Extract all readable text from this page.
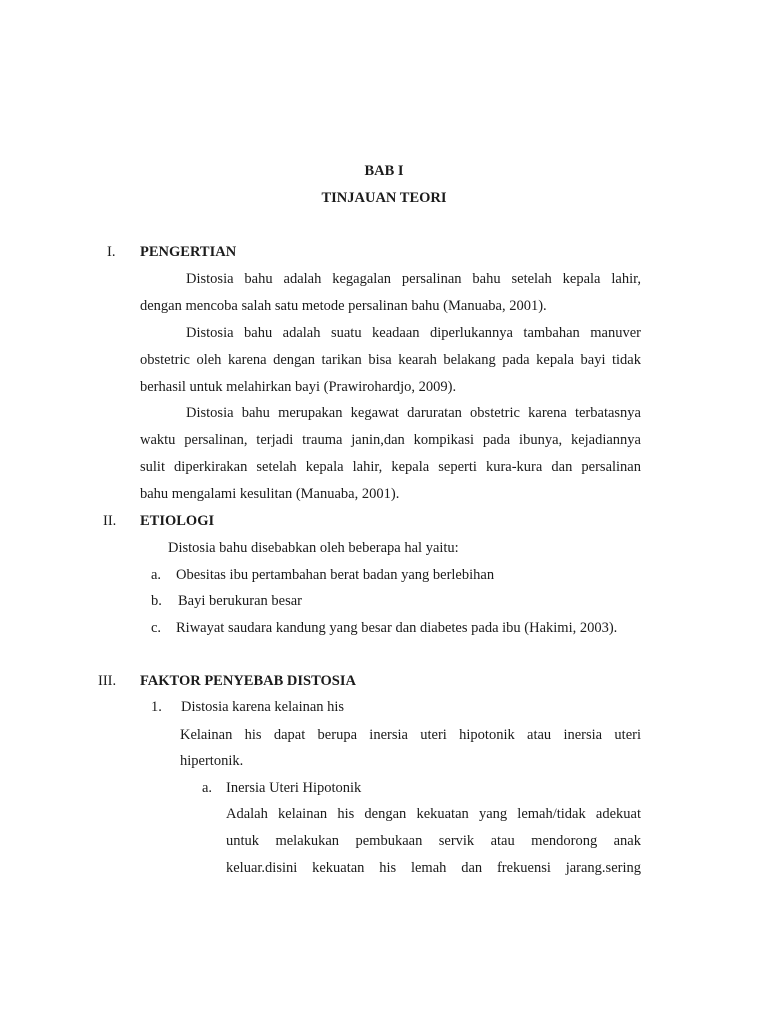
BAB I
TINJAUAN TEORI
I. PENGERTIAN
Distosia bahu adalah kegagalan persalinan bahu setelah kepala lahir,
dengan mencoba salah satu metode persalinan bahu (Manuaba, 2001).
Distosia bahu adalah suatu keadaan diperlukannya tambahan manuver
obstetric oleh karena dengan tarikan bisa kearah belakang pada kepala bayi tidak
berhasil untuk melahirkan bayi (Prawirohardjo, 2009).
Distosia bahu merupakan kegawat daruratan obstetric karena terbatasnya
waktu persalinan, terjadi trauma janin,dan kompikasi pada ibunya, kejadiannya
sulit diperkirakan setelah kepala lahir, kepala seperti kura-kura dan persalinan
bahu mengalami kesulitan (Manuaba, 2001).
II. ETIOLOGI
Distosia bahu disebabkan oleh beberapa hal yaitu:
a. Obesitas ibu pertambahan berat badan yang berlebihan
b. Bayi berukuran besar
c. Riwayat saudara kandung yang besar dan diabetes pada ibu (Hakimi, 2003).
III. FAKTOR PENYEBAB DISTOSIA
1. Distosia karena kelainan his
Kelainan his dapat berupa inersia uteri hipotonik atau inersia uteri
hipertonik.
a. Inersia Uteri Hipotonik
Adalah kelainan his dengan kekuatan yang lemah/tidak adekuat
untuk melakukan pembukaan servik atau mendorong anak
keluar.disini kekuatan his lemah dan frekuensi jarang.sering
